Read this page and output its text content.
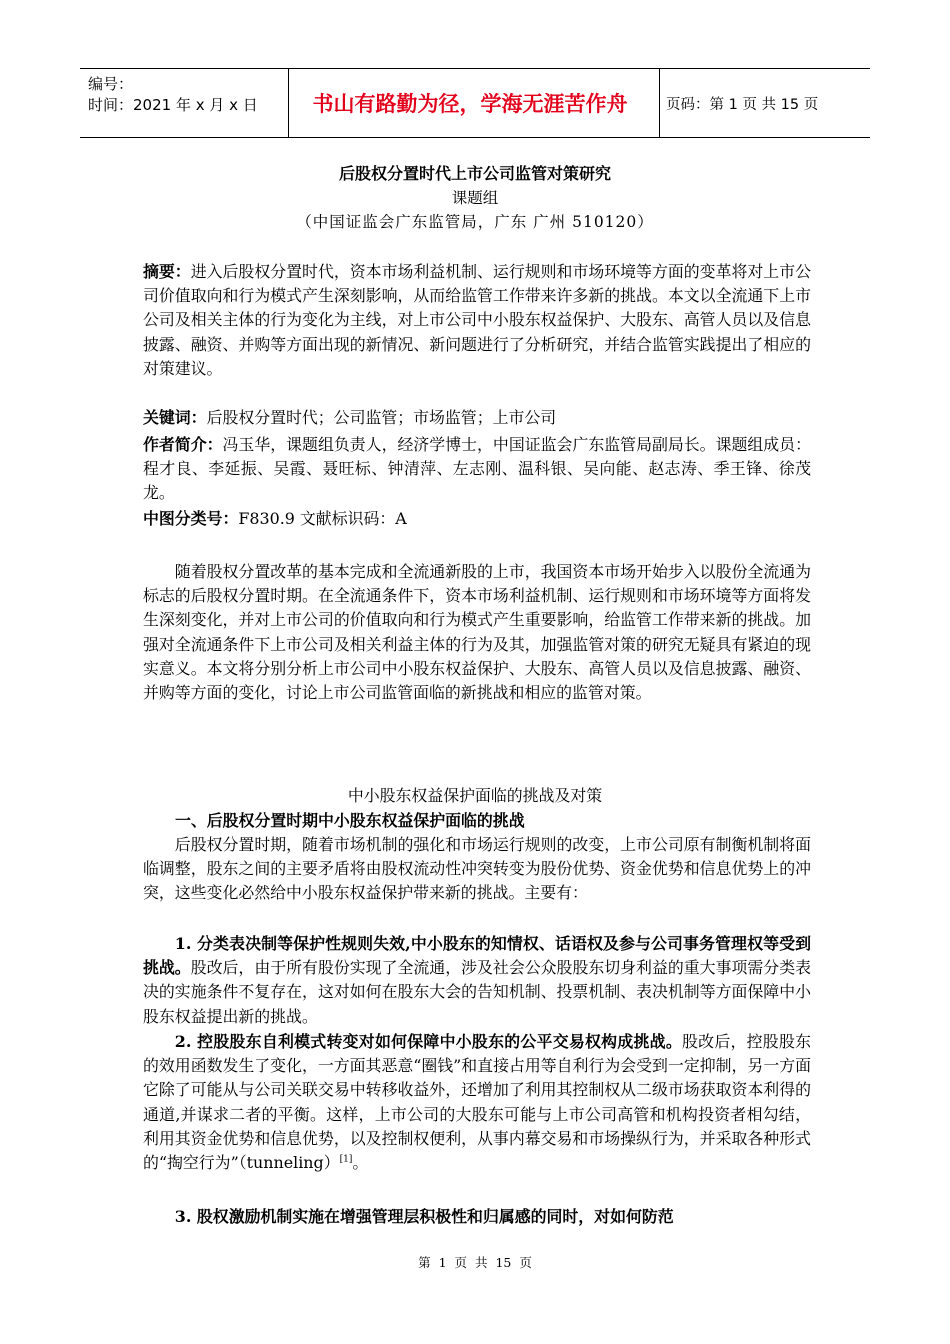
编号：
时间：2021 年 x 月 x 日	书山有路勤为径，学海无涯苦作舟	页码：第 1 页 共 15 页
后股权分置时代上市公司监管对策研究
课题组
（中国证监会广东监管局，广东 广州 510120）
摘要：进入后股权分置时代，资本市场利益机制、运行规则和市场环境等方面的变革将对上市公司价值取向和行为模式产生深刻影响，从而给监管工作带来许多新的挑战。本文以全流通下上市公司及相关主体的行为变化为主线，对上市公司中小股东权益保护、大股东、高管人员以及信息披露、融资、并购等方面出现的新情况、新问题进行了分析研究，并结合监管实践提出了相应的对策建议。
关键词：后股权分置时代；公司监管；市场监管；上市公司
作者简介：冯玉华，课题组负责人，经济学博士，中国证监会广东监管局副局长。课题组成员：程才良、李延振、吴霞、聂旺标、钟清萍、左志刚、温科银、吴向能、赵志涛、季王锋、徐茂龙。
中图分类号：F830.9 文献标识码：A
随着股权分置改革的基本完成和全流通新股的上市，我国资本市场开始步入以股份全流通为标志的后股权分置时期。在全流通条件下，资本市场利益机制、运行规则和市场环境等方面将发生深刻变化，并对上市公司的价值取向和行为模式产生重要影响，给监管工作带来新的挑战。加强对全流通条件下上市公司及相关利益主体的行为及其，加强监管对策的研究无疑具有紧迫的现实意义。本文将分别分析上市公司中小股东权益保护、大股东、高管人员以及信息披露、融资、并购等方面的变化，讨论上市公司监管面临的新挑战和相应的监管对策。
中小股东权益保护面临的挑战及对策
一、后股权分置时期中小股东权益保护面临的挑战
后股权分置时期，随着市场机制的强化和市场运行规则的改变，上市公司原有制衡机制将面临调整，股东之间的主要矛盾将由股权流动性冲突转变为股份优势、资金优势和信息优势上的冲突，这些变化必然给中小股东权益保护带来新的挑战。主要有：
1. 分类表决制等保护性规则失效,中小股东的知情权、话语权及参与公司事务管理权等受到挑战。股改后，由于所有股份实现了全流通，涉及社会公众股股东切身利益的重大事项需分类表决的实施条件不复存在，这对如何在股东大会的告知机制、投票机制、表决机制等方面保障中小股东权益提出新的挑战。
2. 控股股东自利模式转变对如何保障中小股东的公平交易权构成挑战。股改后，控股股东的效用函数发生了变化，一方面其恶意“圈钱”和直接占用等自利行为会受到一定抑制，另一方面它除了可能从与公司关联交易中转移收益外，还增加了利用其控制权从二级市场获取资本利得的通道,并谋求二者的平衡。这样，上市公司的大股东可能与上市公司高管和机构投资者相勾结，利用其资金优势和信息优势，以及控制权便利，从事内幕交易和市场操纵行为，并采取各种形式的“掏空行为”（tunneling）[1]。
3. 股权激励机制实施在增强管理层积极性和归属感的同时，对如何防范
第 1 页 共 15 页
